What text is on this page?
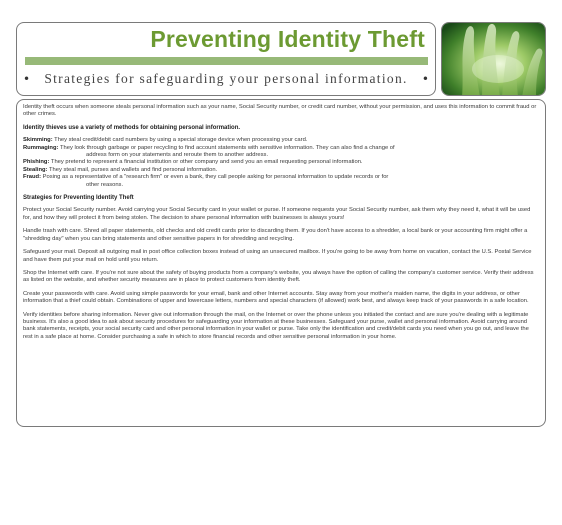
Preventing Identity Theft
• Strategies for safeguarding your personal information. •

Identity theft occurs when someone steals personal information such as your name, Social Security number, or credit card number, without your permission, and uses this information to commit fraud or other crimes.

Identity thieves use a variety of methods for obtaining personal information.

Skimming: They steal credit/debit card numbers by using a special storage device when processing your card.

Rummaging: They look through garbage or paper recycling to find account statements with sensitive information. They can also find a change of

address form on your statements and reroute them to another address.

Phishing: They pretend to represent a financial institution or other company and send you an email requesting personal information.

Stealing: They steal mail, purses and wallets and find personal information.

Fraud: Posing as a representative of a "research firm" or even a bank, they call people asking for personal information to update records or for

other reasons.

Strategies for Preventing Identity Theft

Protect your Social Security number. Avoid carrying your Social Security card in your wallet or purse. If someone requests your Social Security number, ask them why they need it, what it will be used for, and how they will protect it from being stolen. The decision to share personal information with businesses is always yours!

Handle trash with care. Shred all paper statements, old checks and old credit cards prior to discarding them. If you don't have access to a shredder, a local bank or your accounting firm might offer a "shredding day" when you can bring statements and other sensitive papers in for shredding and recycling.

Safeguard your mail. Deposit all outgoing mail in post office collection boxes instead of using an unsecured mailbox. If you're going to be away from home on vacation, contact the U.S. Postal Service and have them put your mail on hold until you return.

Shop the Internet with care. If you're not sure about the safety of buying products from a company's website, you always have the option of calling the company's customer service. Verify their address as listed on the website, and whether security measures are in place to protect customers from identity theft.

Create your passwords with care. Avoid using simple passwords for your email, bank and other Internet accounts. Stay away from your mother's maiden name, the digits in your address, or other information that a thief could obtain. Combinations of upper and lowercase letters, numbers and special characters (if allowed) work best, and always keep track of your passwords in a safe location.

Verify identities before sharing information. Never give out information through the mail, on the Internet or over the phone unless you initiated the contact and are sure you're dealing with a legitimate business. It's also a good idea to ask about security procedures for safeguarding your information at these businesses. Safeguard your purse, wallet and personal information. Avoid carrying around bank statements, receipts, your social security card and other personal information in your wallet or purse. Take only the identification and credit/debit cards you need when you go out, and leave the rest in a safe place at home. Consider purchasing a safe in which to store financial records and other sensitive personal information in your home.
